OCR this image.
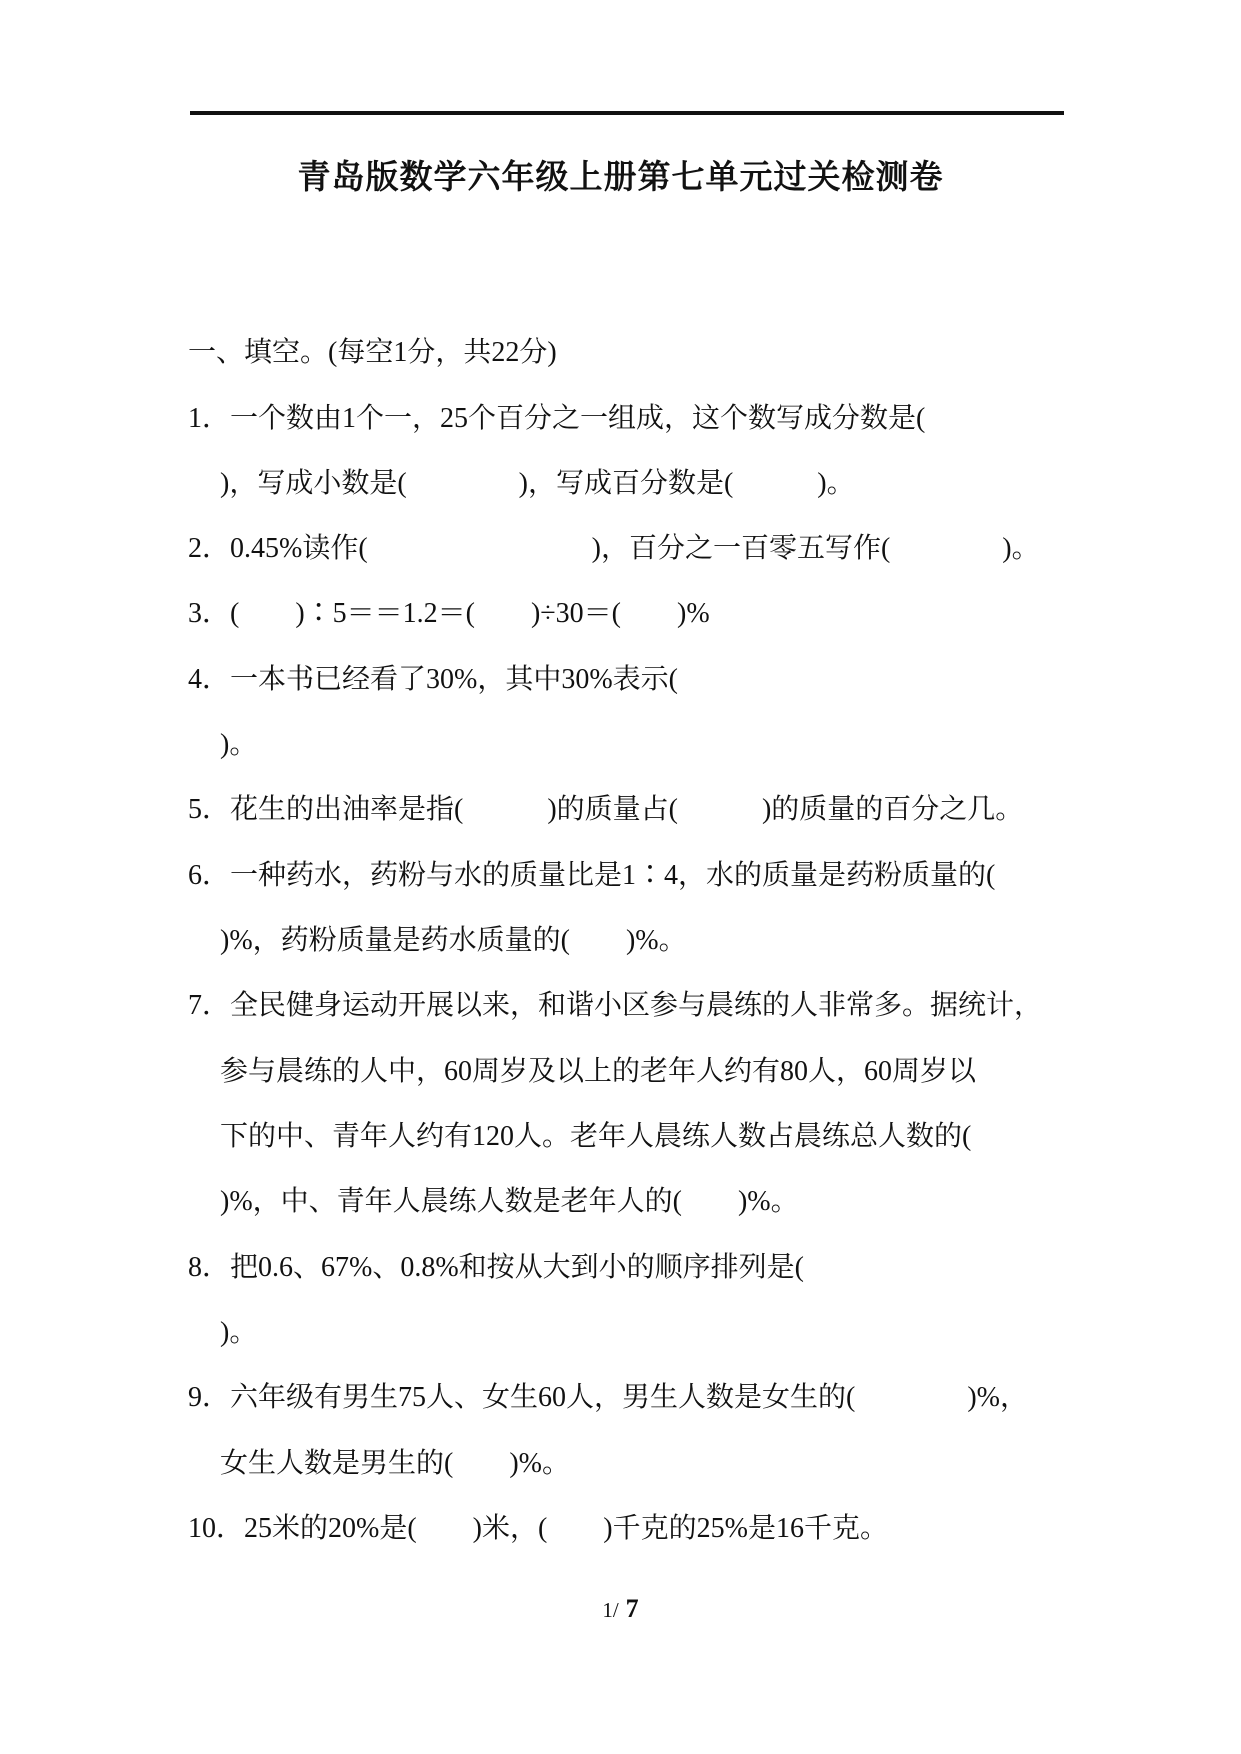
青岛版数学六年级上册第七单元过关检测卷
一、填空。(每空1分，共22分)
1．一个数由1个一，25个百分之一组成，这个数写成分数是(
)，写成小数是(　　　　)，写成百分数是(　　　)。
2．0.45%读作(　　　　　　　　)，百分之一百零五写作(　　　　)。
3．(　　)∶5＝＝1.2＝(　　)÷30＝(　　)%
4．一本书已经看了30%，其中30%表示(
)。
5．花生的出油率是指(　　　)的质量占(　　　)的质量的百分之几。
6．一种药水，药粉与水的质量比是1∶4，水的质量是药粉质量的(
)%，药粉质量是药水质量的(　　)%。
7．全民健身运动开展以来，和谐小区参与晨练的人非常多。据统计，
参与晨练的人中，60周岁及以上的老年人约有80人，60周岁以
下的中、青年人约有120人。老年人晨练人数占晨练总人数的(
)%，中、青年人晨练人数是老年人的(　　)%。
8．把0.6、67%、0.8%和按从大到小的顺序排列是(
)。
9．六年级有男生75人、女生60人，男生人数是女生的(　　　　)%，
女生人数是男生的(　　)%。
10．25米的20%是(　　)米，(　　)千克的25%是16千克。
1/ 7
